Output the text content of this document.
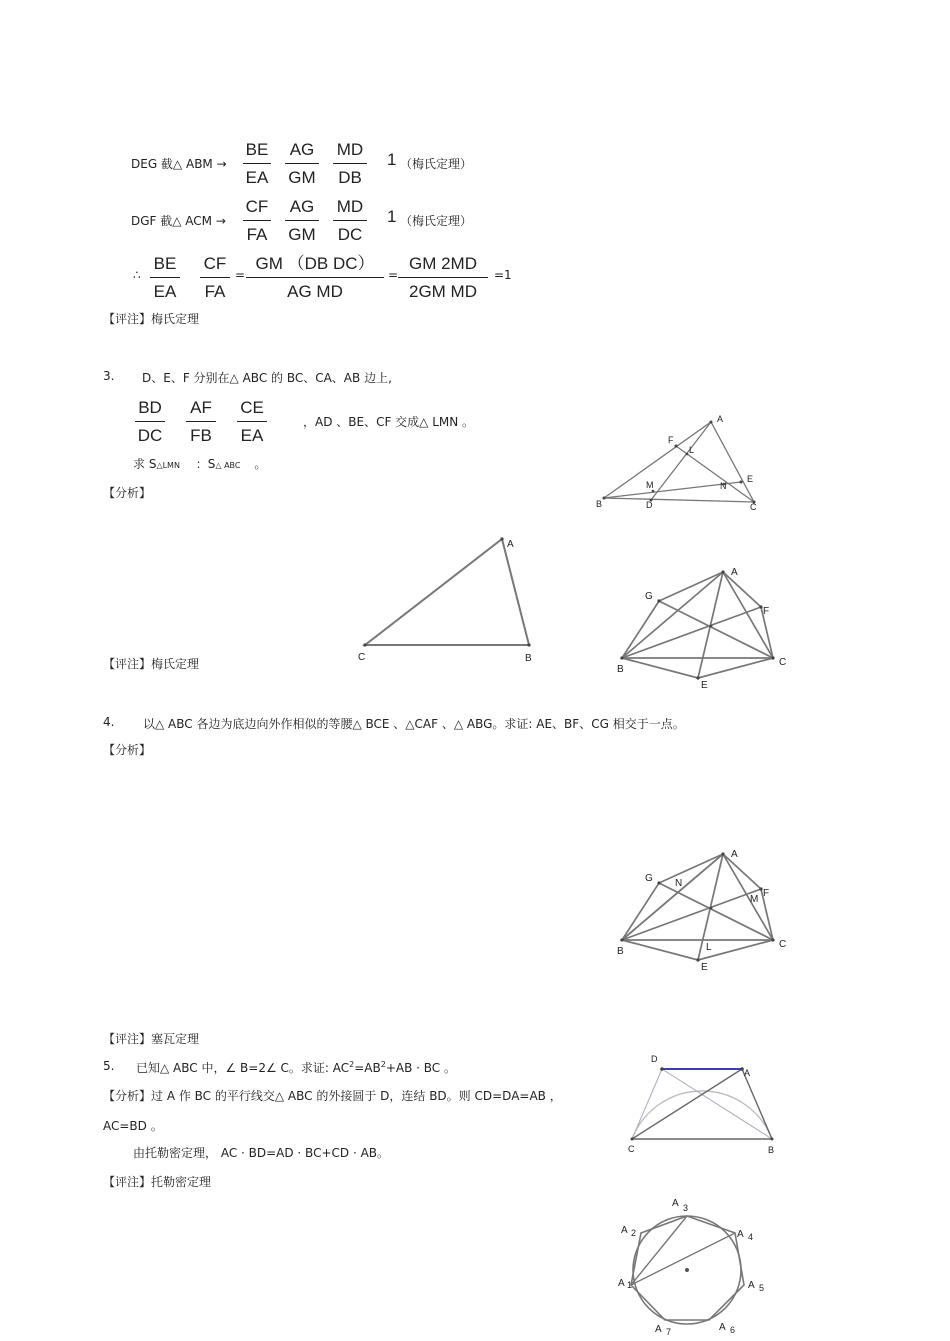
DEG 截△ ABM → $\frac{BE}{EA} \frac{AG}{GM} \frac{MD}{DB} 1$ （梅氏定理）
DGF 截△ ACM → $\frac{CF}{FA} \frac{AG}{GM} \frac{MD}{DC} 1$ （梅氏定理）
∴ $\frac{BE}{EA} \frac{CF}{FA} = \frac{\text{GM （DB DC）}}{\text{AG MD}} = \frac{GM 2MD}{\text{2GM MD}} =1$
【评注】梅氏定理
3. D、E、F 分别在△ ABC 的 BC、CA、AB 边上,
$\frac{BD}{DC} \frac{AF}{FB} \frac{CE}{EA}$	，AD 、BE、CF 交成△ LMN 。
求 S△LMN ：S△ ABC 。
【分析】
【评注】梅氏定理
A
F
L
E
M	N
B	D	C
A
C	B
A
G
F
B
C
E
4. 以△ ABC 各边为底边向外作相似的等腰△ BCE 、△CAF 、△ ABG。求证: AE、BF、CG 相交于一点。
【分析】
A
G N
F
M
B	L	C
E
【评注】塞瓦定理
5. 已知△ ABC 中，∠ B=2∠ C。求证: $AC^2=AB^2+AB$ · BC 。
【分析】过 A 作 BC 的平行线交△ ABC 的外接圆于 D，连结 BD。则 CD=DA=AB ，
AC=BD 。
由托勒密定理， AC · BD=AD · BC+CD · AB。
【评注】托勒密定理
D
A
C	B
A 3
A 2	A 4
A 1	A 5
A 7	A 6
